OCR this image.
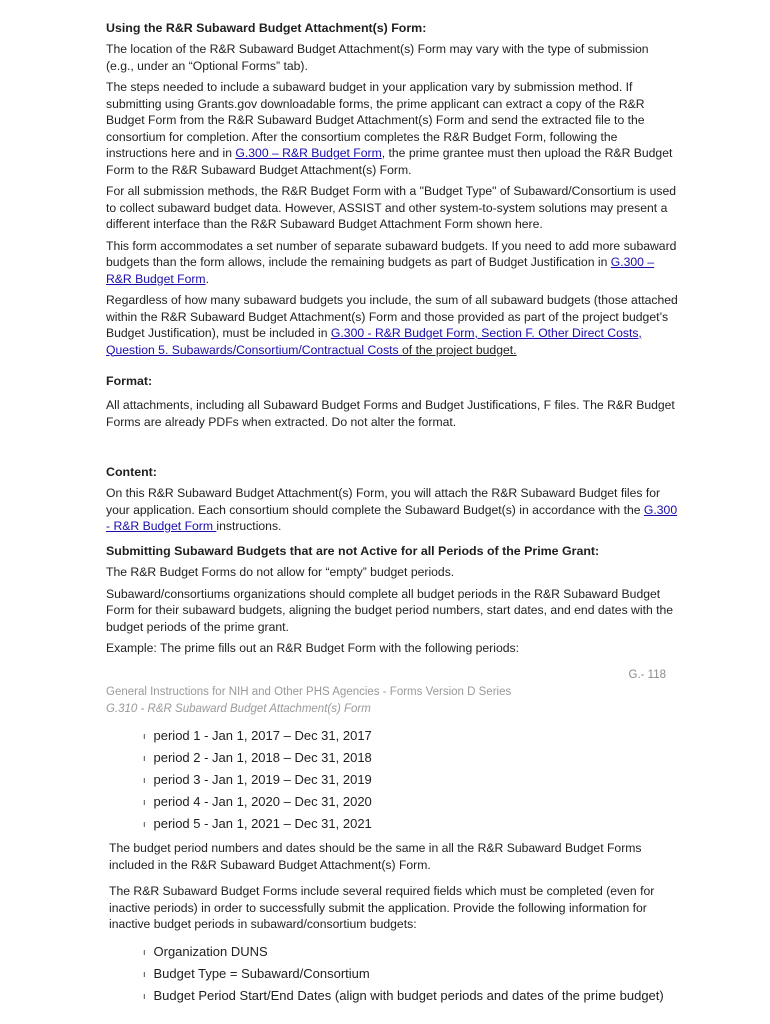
Using the R&R Subaward Budget Attachment(s) Form:

The location of the R&R Subaward Budget Attachment(s) Form may vary with the type of submission (e.g., under an “Optional Forms” tab).

The steps needed to include a subaward budget in your application vary by submission method. If submitting using Grants.gov downloadable forms, the prime applicant can extract a copy of the R&R Budget Form from the R&R Subaward Budget Attachment(s) Form and send the extracted file to the consortium for completion. After the consortium completes the R&R Budget Form, following the instructions here and in G.300 – R&R Budget Form, the prime grantee must then upload the R&R Budget Form to the R&R Subaward Budget Attachment(s) Form.

For all submission methods, the R&R Budget Form with a "Budget Type" of Subaward/Consortium is used to collect subaward budget data. However, ASSIST and other system-to-system solutions may present a different interface than the R&R Subaward Budget Attachment Form shown here.

This form accommodates a set number of separate subaward budgets. If you need to add more subaward budgets than the form allows, include the remaining budgets as part of Budget Justification in G.300 – R&R Budget Form.

Regardless of how many subaward budgets you include, the sum of all subaward budgets (those attached within the R&R Subaward Budget Attachment(s) Form and those provided as part of the project budget’s Budget Justification), must be included in G.300 - R&R Budget Form, Section F. Other Direct Costs, Question 5. Subawards/Consortium/Contractual Costs of the project budget.

Format:

All attachments, including all Subaward Budget Forms and Budget Justifications, F files. The R&R Budget Forms are already PDFs when extracted. Do not alter the format.

Content:

On this R&R Subaward Budget Attachment(s) Form, you will attach the R&R Subaward Budget files for your application. Each consortium should complete the Subaward Budget(s) in accordance with the G.300 - R&R Budget Form instructions.

Submitting Subaward Budgets that are not Active for all Periods of the Prime Grant:

The R&R Budget Forms do not allow for “empty” budget periods.

Subaward/consortiums organizations should complete all budget periods in the R&R Subaward Budget Form for their subaward budgets, aligning the budget period numbers, start dates, and end dates with the budget periods of the prime grant.

Example: The prime fills out an R&R Budget Form with the following periods:

G.- 118
General Instructions for NIH and Other PHS Agencies - Forms Version D Series
G.310 - R&R Subaward Budget Attachment(s) Form
ı period 1 - Jan 1, 2017 – Dec 31, 2017
ı period 2 - Jan 1, 2018 – Dec 31, 2018
ı period 3 - Jan 1, 2019 – Dec 31, 2019
ı period 4 - Jan 1, 2020 – Dec 31, 2020
ı period 5 - Jan 1, 2021 – Dec 31, 2021

The budget period numbers and dates should be the same in all the R&R Subaward Budget Forms included in the R&R Subaward Budget Attachment(s) Form.

The R&R Subaward Budget Forms include several required fields which must be completed (even for inactive periods) in order to successfully submit the application. Provide the following information for inactive budget periods in subaward/consortium budgets:

ı Organization DUNS
ı Budget Type = Subaward/Consortium
ı Budget Period Start/End Dates (align with budget periods and dates of the prime budget)
